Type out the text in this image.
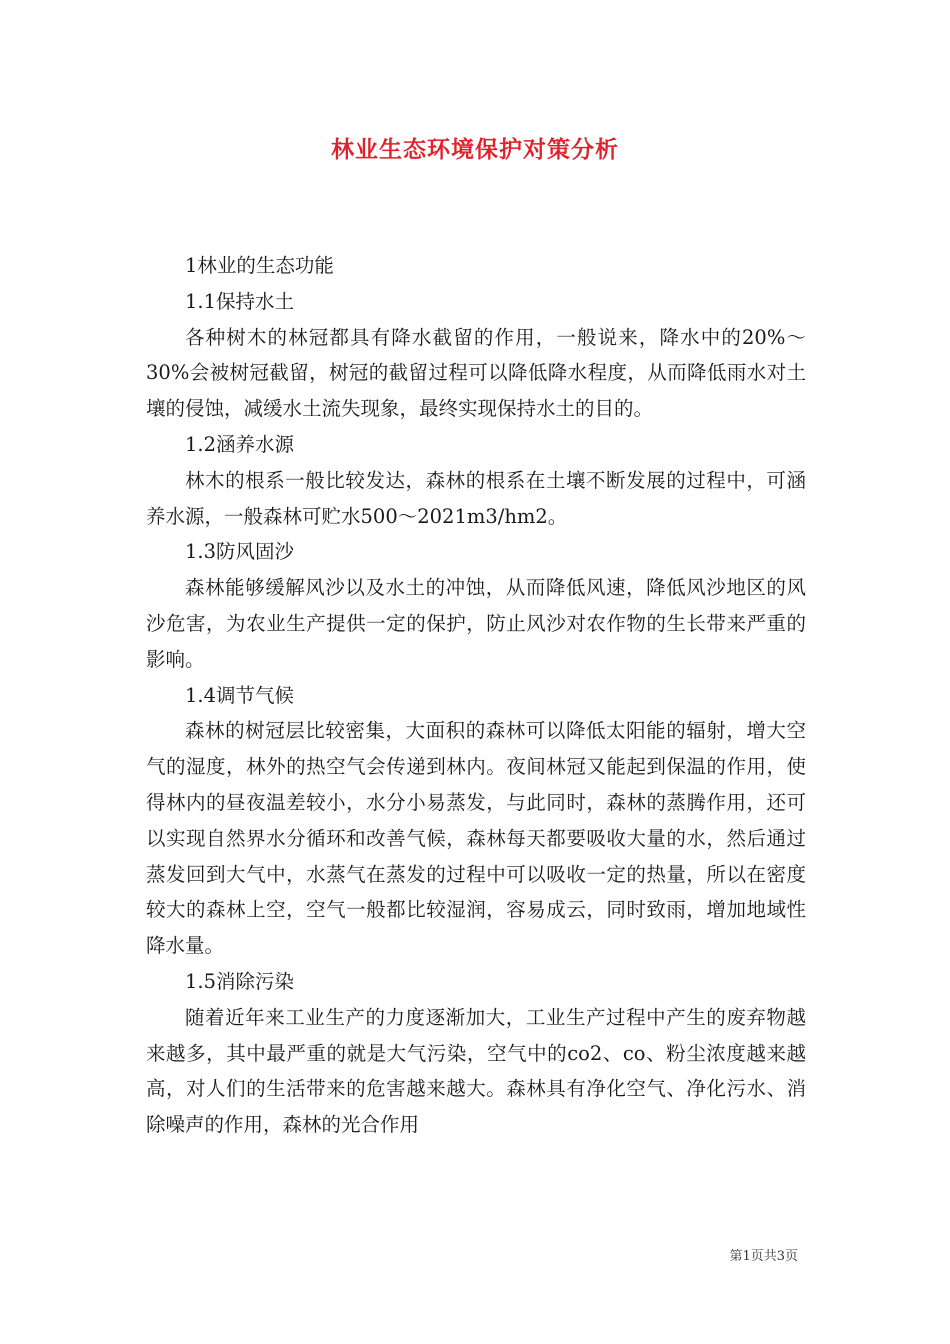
林业生态环境保护对策分析

1林业的生态功能

1.1保持水土

各种树木的林冠都具有降水截留的作用，一般说来，降水中的20%～30%会被树冠截留，树冠的截留过程可以降低降水程度，从而降低雨水对土壤的侵蚀，减缓水土流失现象，最终实现保持水土的目的。

1.2涵养水源

林木的根系一般比较发达，森林的根系在土壤不断发展的过程中，可涵养水源，一般森林可贮水500～2021m3/hm2。

1.3防风固沙

森林能够缓解风沙以及水土的冲蚀，从而降低风速，降低风沙地区的风沙危害，为农业生产提供一定的保护，防止风沙对农作物的生长带来严重的影响。

1.4调节气候

森林的树冠层比较密集，大面积的森林可以降低太阳能的辐射，增大空气的湿度，林外的热空气会传递到林内。夜间林冠又能起到保温的作用，使得林内的昼夜温差较小，水分小易蒸发，与此同时，森林的蒸腾作用，还可以实现自然界水分循环和改善气候，森林每天都要吸收大量的水，然后通过蒸发回到大气中，水蒸气在蒸发的过程中可以吸收一定的热量，所以在密度较大的森林上空，空气一般都比较湿润，容易成云，同时致雨，增加地域性降水量。

1.5消除污染

随着近年来工业生产的力度逐渐加大，工业生产过程中产生的废弃物越来越多，其中最严重的就是大气污染，空气中的co2、co、粉尘浓度越来越高，对人们的生活带来的危害越来越大。森林具有净化空气、净化污水、消除噪声的作用，森林的光合作用

第1页共3页
